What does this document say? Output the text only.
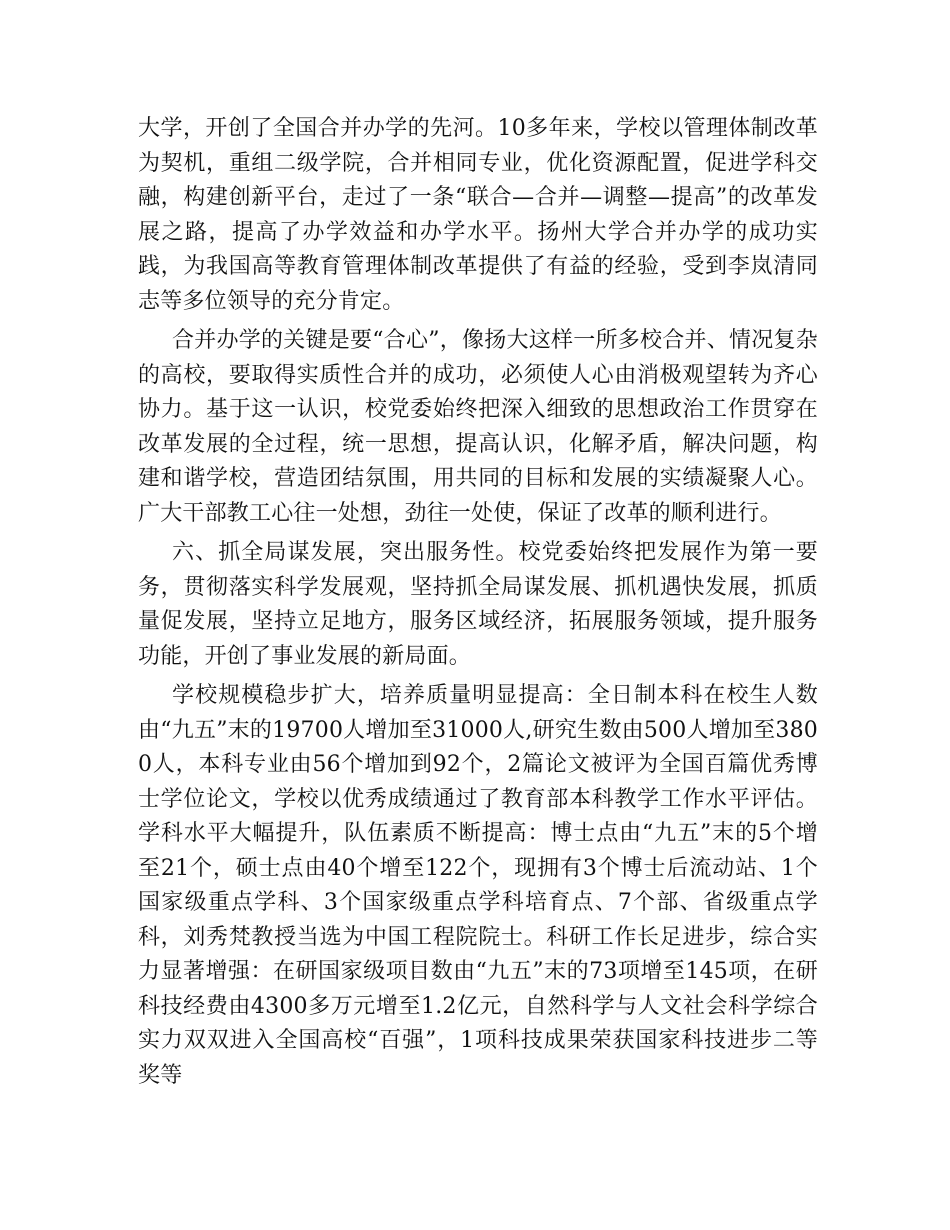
大学，开创了全国合并办学的先河。10多年来，学校以管理体制改革为契机，重组二级学院，合并相同专业，优化资源配置，促进学科交融，构建创新平台，走过了一条“联合—合并—调整—提高”的改革发展之路，提高了办学效益和办学水平。扬州大学合并办学的成功实践，为我国高等教育管理体制改革提供了有益的经验，受到李岚清同志等多位领导的充分肯定。

合并办学的关键是要“合心”，像扬大这样一所多校合并、情况复杂的高校，要取得实质性合并的成功，必须使人心由消极观望转为齐心协力。基于这一认识，校党委始终把深入细致的思想政治工作贯穿在改革发展的全过程，统一思想，提高认识，化解矛盾，解决问题，构建和谐学校，营造团结氛围，用共同的目标和发展的实绩凝聚人心。广大干部教工心往一处想，劲往一处使，保证了改革的顺利进行。

六、抓全局谋发展，突出服务性。校党委始终把发展作为第一要务，贯彻落实科学发展观，坚持抓全局谋发展、抓机遇快发展，抓质量促发展，坚持立足地方，服务区域经济，拓展服务领域，提升服务功能，开创了事业发展的新局面。

学校规模稳步扩大，培养质量明显提高：全日制本科在校生人数由“九五”末的19700人增加至31000人,研究生数由500人增加至3800人，本科专业由56个增加到92个，2篇论文被评为全国百篇优秀博士学位论文，学校以优秀成绩通过了教育部本科教学工作水平评估。学科水平大幅提升，队伍素质不断提高：博士点由“九五”末的5个增至21个，硕士点由40个增至122个，现拥有3个博士后流动站、1个国家级重点学科、3个国家级重点学科培育点、7个部、省级重点学科，刘秀梵教授当选为中国工程院院士。科研工作长足进步，综合实力显著增强：在研国家级项目数由“九五”末的73项增至145项，在研科技经费由4300多万元增至1.2亿元，自然科学与人文社会科学综合实力双双进入全国高校“百强”，1项科技成果荣获国家科技进步二等奖等
